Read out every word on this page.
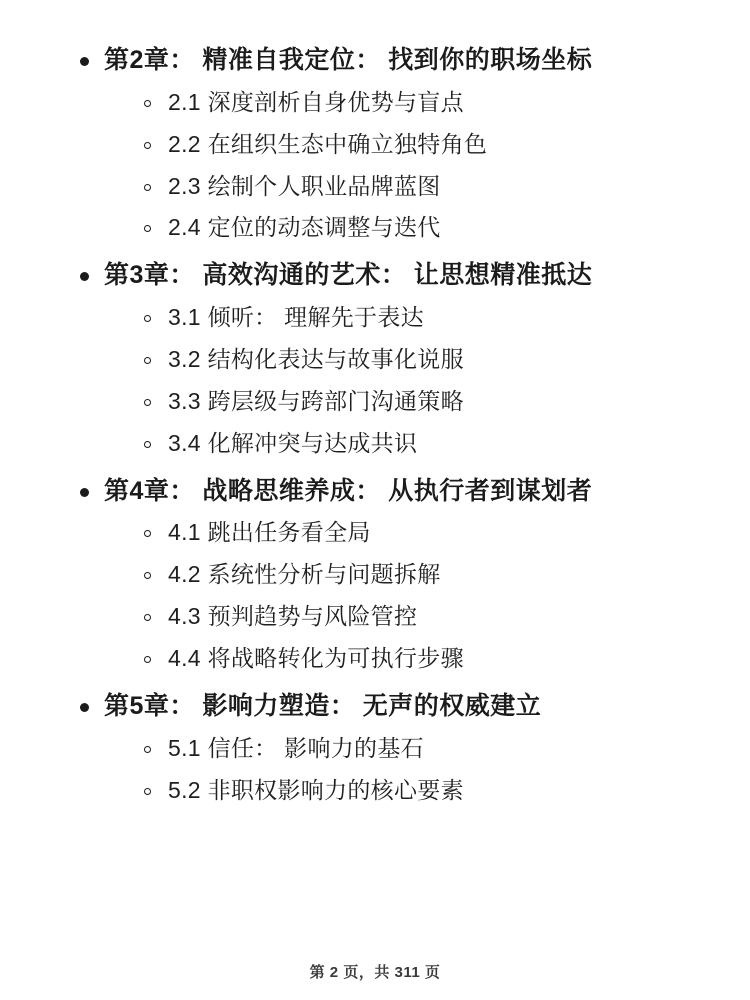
第2章： 精准自我定位： 找到你的职场坐标
2.1 深度剖析自身优势与盲点
2.2 在组织生态中确立独特角色
2.3 绘制个人职业品牌蓝图
2.4 定位的动态调整与迭代
第3章： 高效沟通的艺术： 让思想精准抵达
3.1 倾听： 理解先于表达
3.2 结构化表达与故事化说服
3.3 跨层级与跨部门沟通策略
3.4 化解冲突与达成共识
第4章： 战略思维养成： 从执行者到谋划者
4.1 跳出任务看全局
4.2 系统性分析与问题拆解
4.3 预判趋势与风险管控
4.4 将战略转化为可执行步骤
第5章： 影响力塑造： 无声的权威建立
5.1 信任： 影响力的基石
5.2 非职权影响力的核心要素
第 2 页，共 311 页
